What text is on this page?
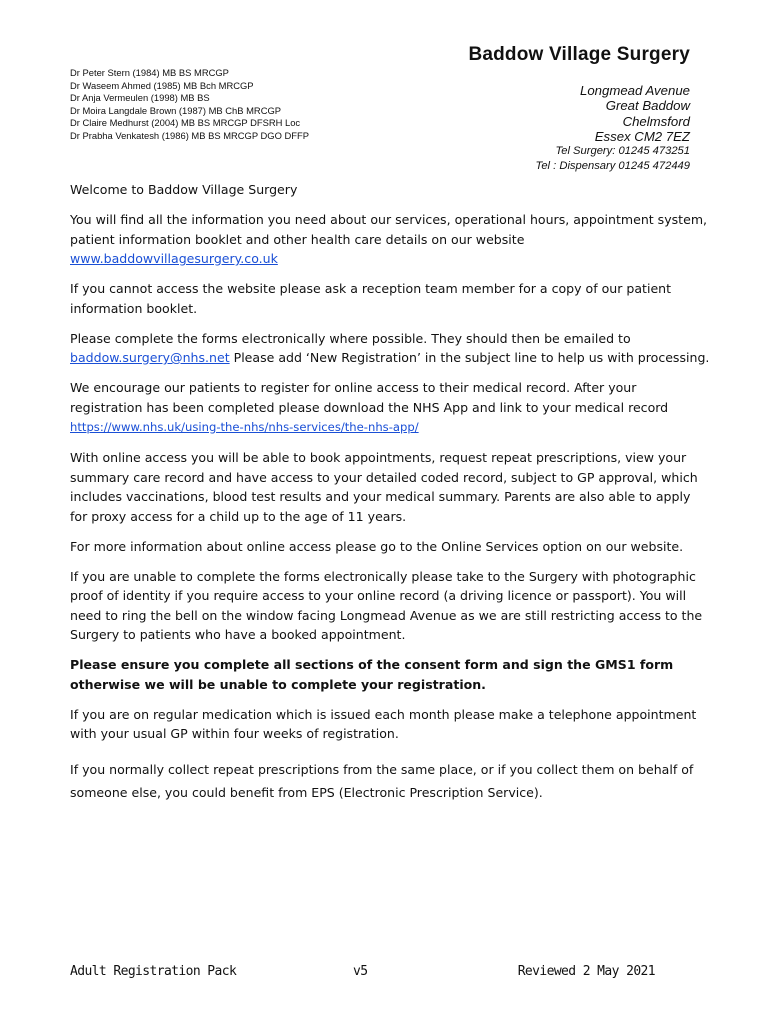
Baddow Village Surgery
Dr Peter Stern (1984) MB BS MRCGP
Dr Waseem Ahmed (1985) MB Bch MRCGP
Dr Anja Vermeulen (1998) MB BS
Dr Moira Langdale Brown (1987) MB ChB MRCGP
Dr Claire Medhurst (2004) MB BS MRCGP DFSRH Loc
Dr Prabha Venkatesh (1986) MB BS MRCGP DGO DFFP
Longmead Avenue
Great Baddow
Chelmsford
Essex CM2 7EZ
Tel Surgery: 01245 473251
Tel : Dispensary 01245 472449

Welcome to Baddow Village Surgery

You will find all the information you need about our services, operational hours, appointment system, patient information booklet and other health care details on our website www.baddowvillagesurgery.co.uk

If you cannot access the website please ask a reception team member for a copy of our patient information booklet.

Please complete the forms electronically where possible. They should then be emailed to baddow.surgery@nhs.net Please add ‘New Registration’ in the subject line to help us with processing.

We encourage our patients to register for online access to their medical record. After your registration has been completed please download the NHS App and link to your medical record https://www.nhs.uk/using-the-nhs/nhs-services/the-nhs-app/

With online access you will be able to book appointments, request repeat prescriptions, view your summary care record and have access to your detailed coded record, subject to GP approval, which includes vaccinations, blood test results and your medical summary. Parents are also able to apply for proxy access for a child up to the age of 11 years.

For more information about online access please go to the Online Services option on our website.

If you are unable to complete the forms electronically please take to the Surgery with photographic proof of identity if you require access to your online record (a driving licence or passport). You will need to ring the bell on the window facing Longmead Avenue as we are still restricting access to the Surgery to patients who have a booked appointment.

Please ensure you complete all sections of the consent form and sign the GMS1 form otherwise we will be unable to complete your registration.

If you are on regular medication which is issued each month please make a telephone appointment with your usual GP within four weeks of registration.

If you normally collect repeat prescriptions from the same place, or if you collect them on behalf of someone else, you could benefit from EPS (Electronic Prescription Service).

Adult Registration Pack	v5	Reviewed 2 May 2021
